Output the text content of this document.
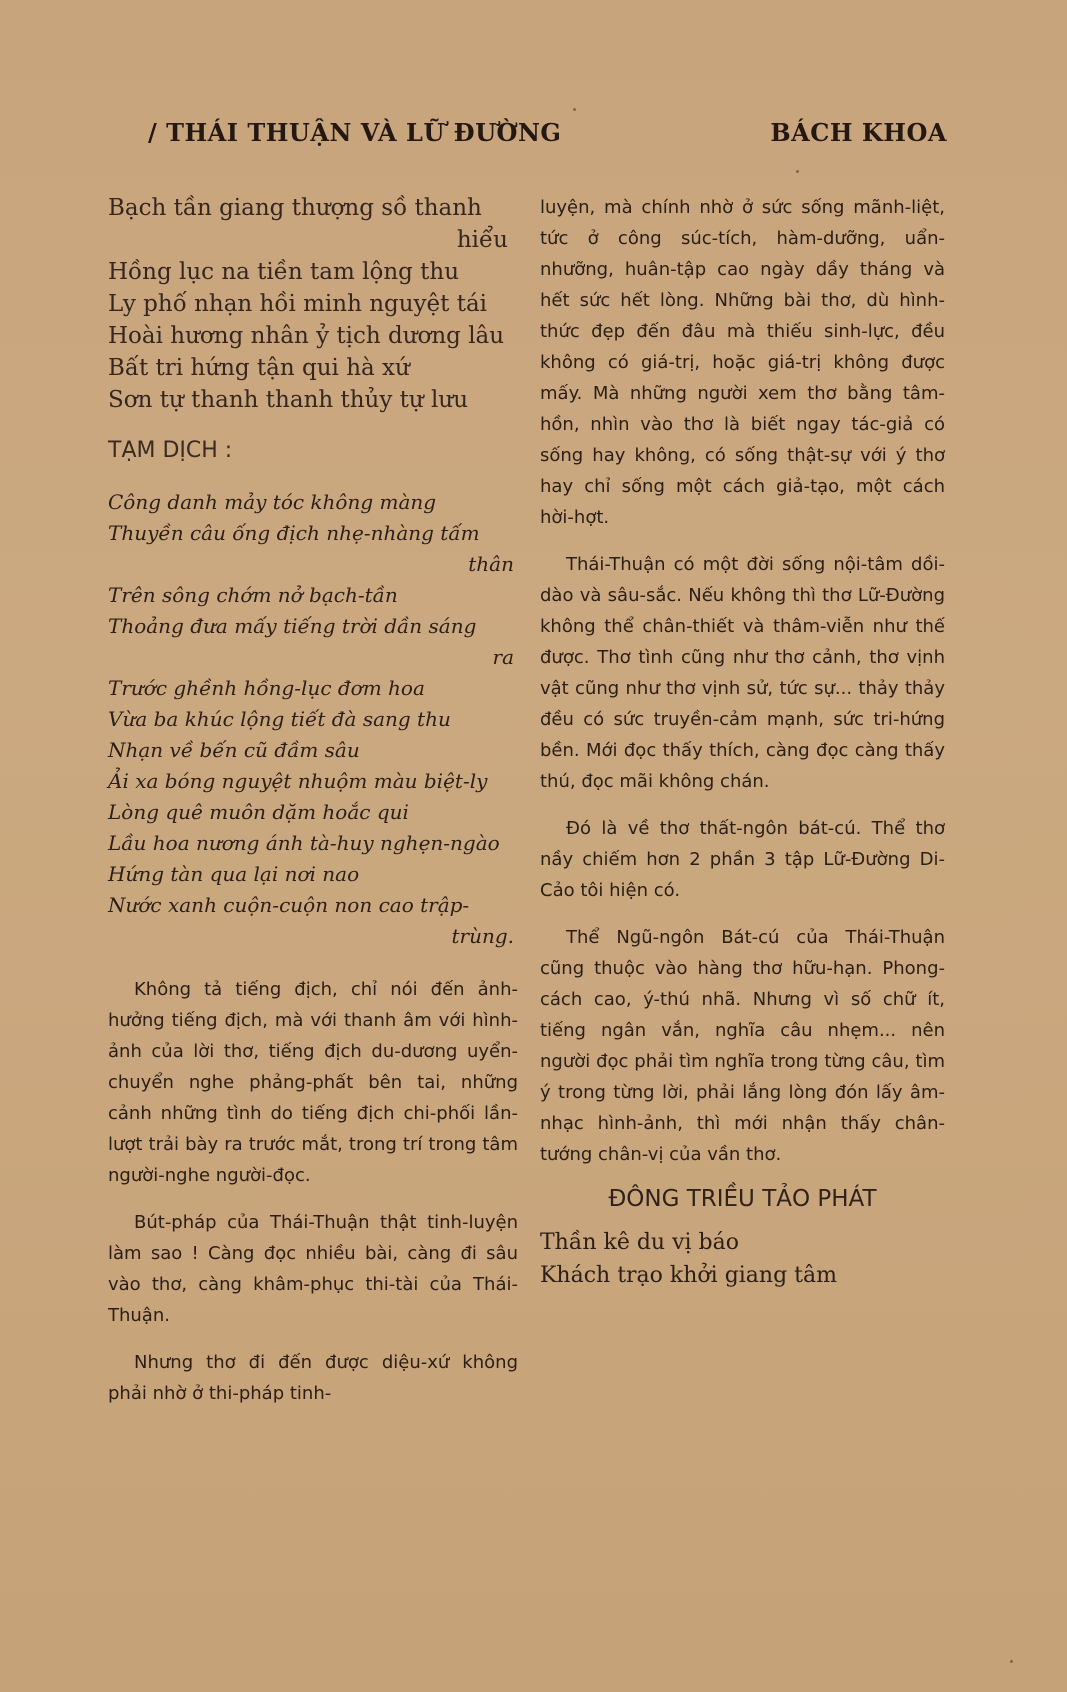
/ THÁI THUẬN VÀ LỮ ĐƯỜNG	BÁCH KHOA
Bạch tần giang thượng sồ thanh
hiểu
Hồng lục na tiền tam lộng thu
Ly phố nhạn hồi minh nguyệt tái
Hoài hương nhân ỷ tịch dương lâu
Bất tri hứng tận qui hà xứ
Sơn tự thanh thanh thủy tự lưu
TẠM DỊCH :
Công danh mảy tóc không màng
Thuyền câu ống địch nhẹ-nhàng tấm
thân
Trên sông chớm nở bạch-tần
Thoảng đưa mấy tiếng trời dần sáng
ra
Trước ghềnh hồng-lục đơm hoa
Vừa ba khúc lộng tiết đà sang thu
Nhạn về bến cũ đầm sâu
Ải xa bóng nguyệt nhuộm màu biệt-ly
Lòng quê muôn dặm hoắc qui
Lầu hoa nương ánh tà-huy nghẹn-ngào
Hứng tàn qua lại nơi nao
Nước xanh cuộn-cuộn non cao trập-
trùng.

Không tả tiếng địch, chỉ nói đến ảnh-hưởng tiếng địch, mà với thanh âm với hình-ảnh của lời thơ, tiếng địch du-dương uyển-chuyển nghe phảng-phất bên tai, những cảnh những tình do tiếng địch chi-phối lần-lượt trải bày ra trước mắt, trong trí trong tâm người-nghe người-đọc.

Bút-pháp của Thái-Thuận thật tinh-luyện làm sao ! Càng đọc nhiều bài, càng đi sâu vào thơ, càng khâm-phục thi-tài của Thái-Thuận.

Nhưng thơ đi đến được diệu-xứ không phải nhờ ở thi-pháp tinh-

luyện, mà chính nhờ ở sức sống mãnh-liệt, tức ở công súc-tích, hàm-dưỡng, uẩn-nhưỡng, huân-tập cao ngày dầy tháng và hết sức hết lòng. Những bài thơ, dù hình-thức đẹp đến đâu mà thiếu sinh-lực, đều không có giá-trị, hoặc giá-trị không được mấy. Mà những người xem thơ bằng tâm-hồn, nhìn vào thơ là biết ngay tác-giả có sống hay không, có sống thật-sự với ý thơ hay chỉ sống một cách giả-tạo, một cách hời-hợt.

Thái-Thuận có một đời sống nội-tâm dồi-dào và sâu-sắc. Nếu không thì thơ Lữ-Đường không thể chân-thiết và thâm-viễn như thế được. Thơ tình cũng như thơ cảnh, thơ vịnh vật cũng như thơ vịnh sử, tức sự... thảy thảy đều có sức truyền-cảm mạnh, sức tri-hứng bền. Mới đọc thấy thích, càng đọc càng thấy thú, đọc mãi không chán.

Đó là về thơ thất-ngôn bát-cú. Thể thơ nầy chiếm hơn 2 phần 3 tập Lữ-Đường Di-Cảo tôi hiện có.

Thể Ngũ-ngôn Bát-cú của Thái-Thuận cũng thuộc vào hàng thơ hữu-hạn. Phong-cách cao, ý-thú nhã. Nhưng vì số chữ ít, tiếng ngân vắn, nghĩa câu nhẹm... nên người đọc phải tìm nghĩa trong từng câu, tìm ý trong từng lời, phải lắng lòng đón lấy âm-nhạc hình-ảnh, thì mới nhận thấy chân-tướng chân-vị của vần thơ.

ĐÔNG TRIỀU TẢO PHÁT
Thần kê du vị báo
Khách trạo khởi giang tâm
